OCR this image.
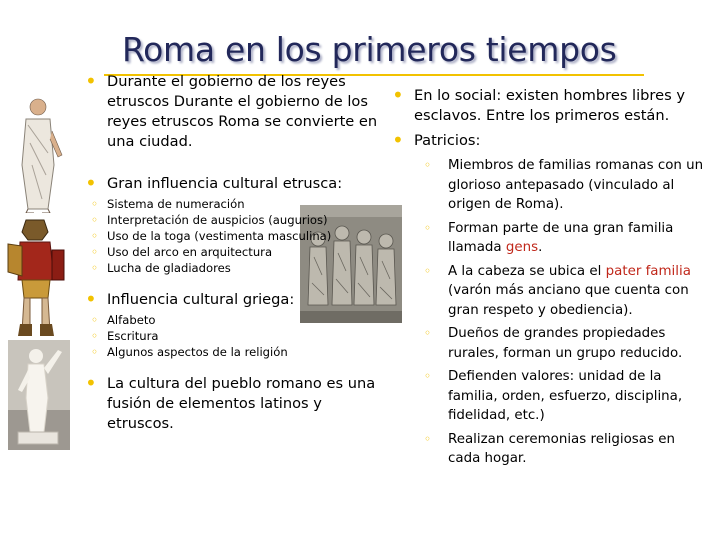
Roma en los primeros tiempos
• Durante el gobierno de los reyes etruscos Durante el gobierno de los reyes etruscos Roma se convierte en una ciudad.
• Gran influencia cultural etrusca:
◦ Sistema de numeración
◦ Interpretación de auspicios (augurios)
◦ Uso de la toga (vestimenta masculina)
◦ Uso del arco en arquitectura
◦ Lucha de gladiadores
• Influencia cultural griega:
◦ Alfabeto
◦ Escritura
◦ Algunos aspectos de la religión
• La cultura del pueblo romano es una fusión de elementos latinos y etruscos.
• En lo social: existen hombres libres y esclavos. Entre los primeros están.
• Patricios:
◦ Miembros de familias romanas con un glorioso antepasado (vinculado al origen de Roma).
◦ Forman parte de una gran familia llamada gens.
◦ A la cabeza se ubica el pater familia (varón más anciano que cuenta con gran respeto y obediencia).
◦ Dueños de grandes propiedades rurales, forman un grupo reducido.
◦ Defienden valores: unidad de la familia, orden, esfuerzo, disciplina, fidelidad, etc.)
◦ Realizan ceremonias religiosas en cada hogar.
